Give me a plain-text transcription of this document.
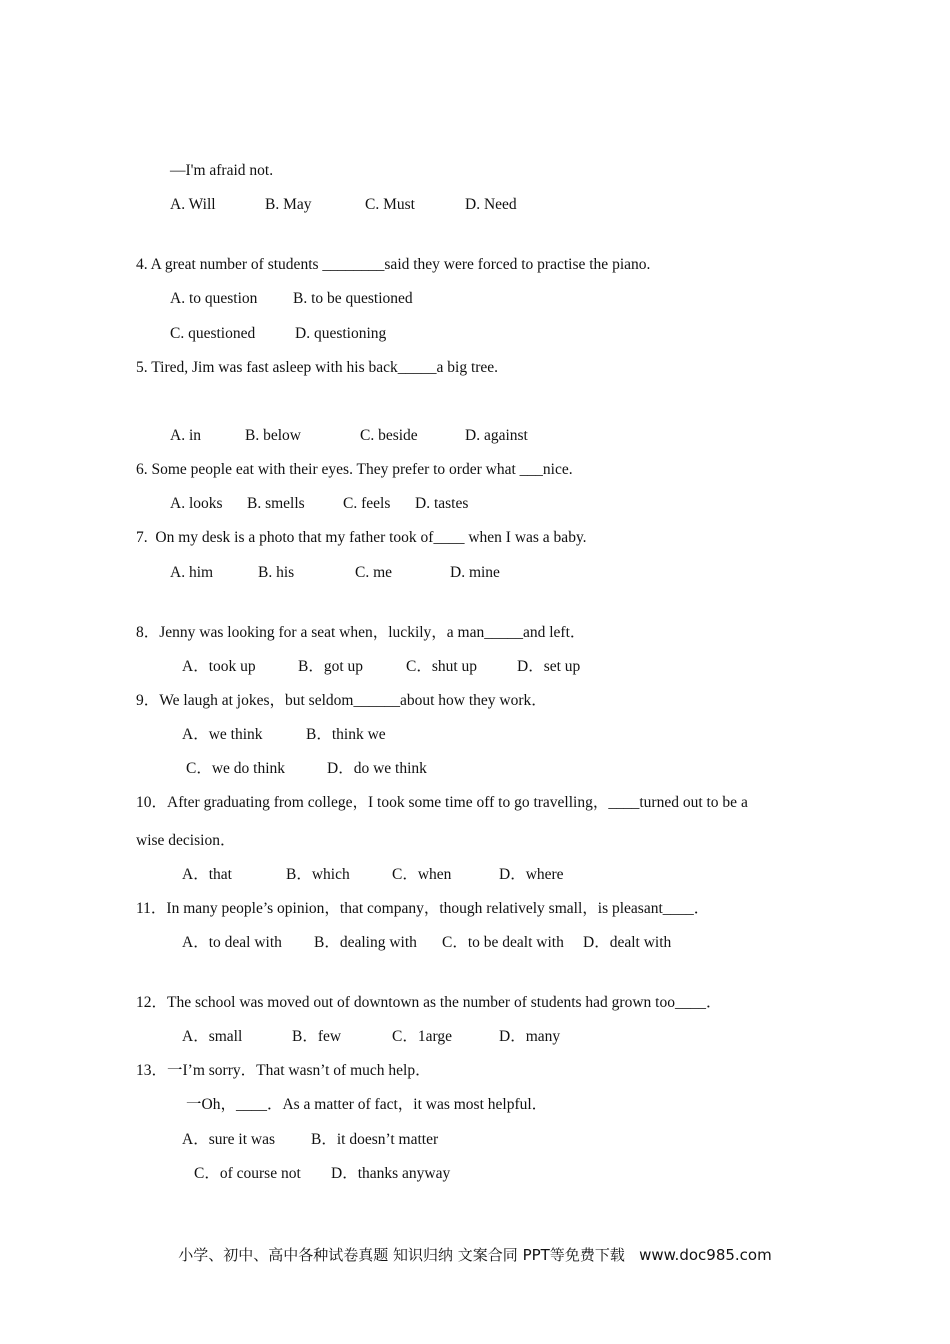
—I'm afraid not.
A. Will	B. May	C. Must	D. Need
4. A great number of students ________said they were forced to practise the piano.
A. to question B. to be questioned
C. questioned	D. questioning
5. Tired, Jim was fast asleep with his back_____a big tree.
A. in	B. below	C. beside	D. against
6. Some people eat with their eyes. They prefer to order what ___nice.
A. looks B. smells C. feels D. tastes
7.  On my desk is a photo that my father took of____ when I was a baby.
A. him	B. his	C. me	D. mine
8．Jenny was looking for a seat when，luckily，a man_____and left．
A．took up	B．got up	C．shut up	D．set up
9．We laugh at jokes，but seldom______about how they work．
A．we think	B．think we
C．we do think	D．do we think
10．After graduating from college，I took some time off to go travelling，____turned out to be a
wise decision．
A．that	B．which	C．when	D．where
11．In many people’s opinion，that company，though relatively small，is pleasant____．
A．to deal with B．dealing with C．to be dealt with D．dealt with
12．The school was moved out of downtown as the number of students had grown too____．
A．small	B．few	C．1arge	D．many
13．一I’m sorry．That wasn’t of much help．
一Oh，____．As a matter of fact，it was most helpful．
A．sure it was B．it doesn’t matter
C．of course not D．thanks anyway
小学、初中、高中各种试卷真题 知识归纳 文案合同 PPT等免费下载   www.doc985.com
